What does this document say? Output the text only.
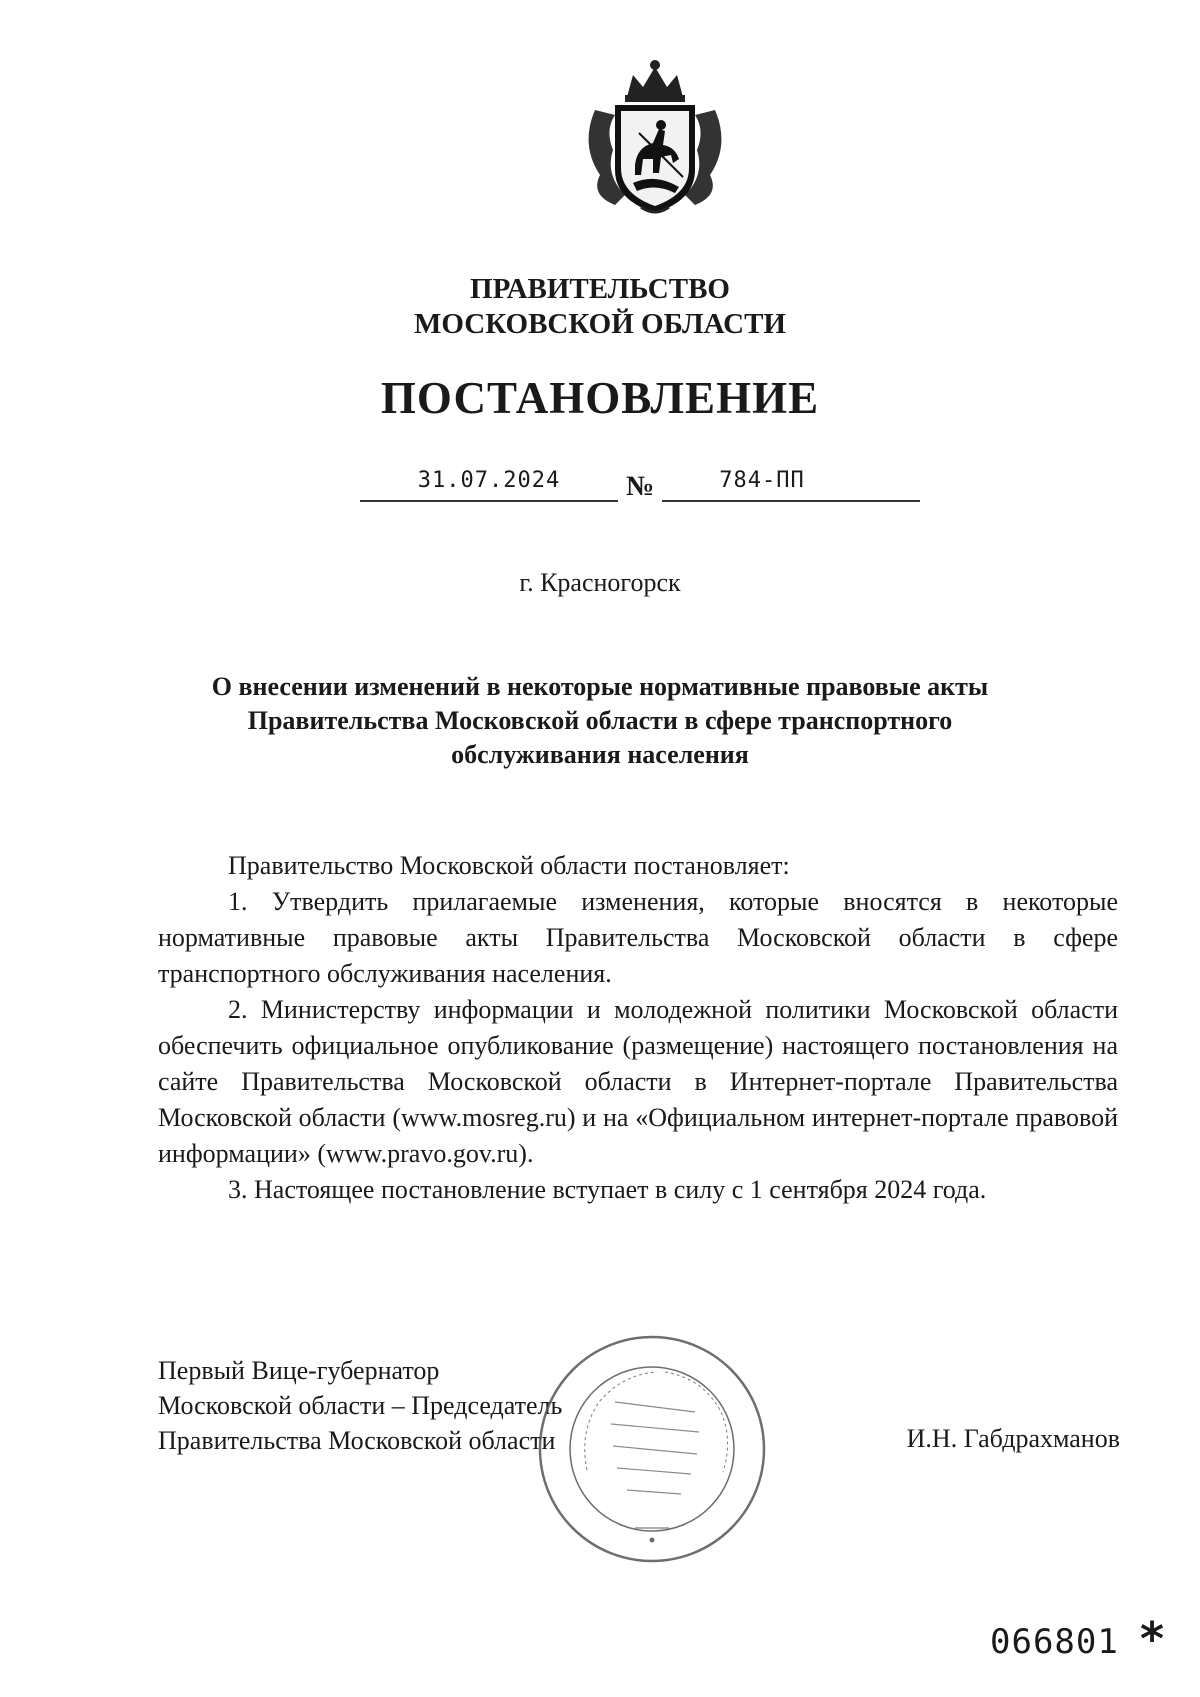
ПРАВИТЕЛЬСТВО
МОСКОВСКОЙ ОБЛАСТИ
ПОСТАНОВЛЕНИЕ
31.07.2024	№	784-ПП
г. Красногорск
О внесении изменений в некоторые нормативные правовые акты
Правительства Московской области в сфере транспортного
обслуживания населения

Правительство Московской области постановляет:

1. Утвердить прилагаемые изменения, которые вносятся в некоторые нормативные правовые акты Правительства Московской области в сфере транспортного обслуживания населения.

2. Министерству информации и молодежной политики Московской области обеспечить официальное опубликование (размещение) настоящего постановления на сайте Правительства Московской области в Интернет-портале Правительства Московской области (www.mosreg.ru) и на «Официальном интернет-портале правовой информации» (www.pravo.gov.ru).

3. Настоящее постановление вступает в силу с 1 сентября 2024 года.

Первый Вице-губернатор
Московской области – Председатель
Правительства Московской области	И.Н. Габдрахманов
066801 *
